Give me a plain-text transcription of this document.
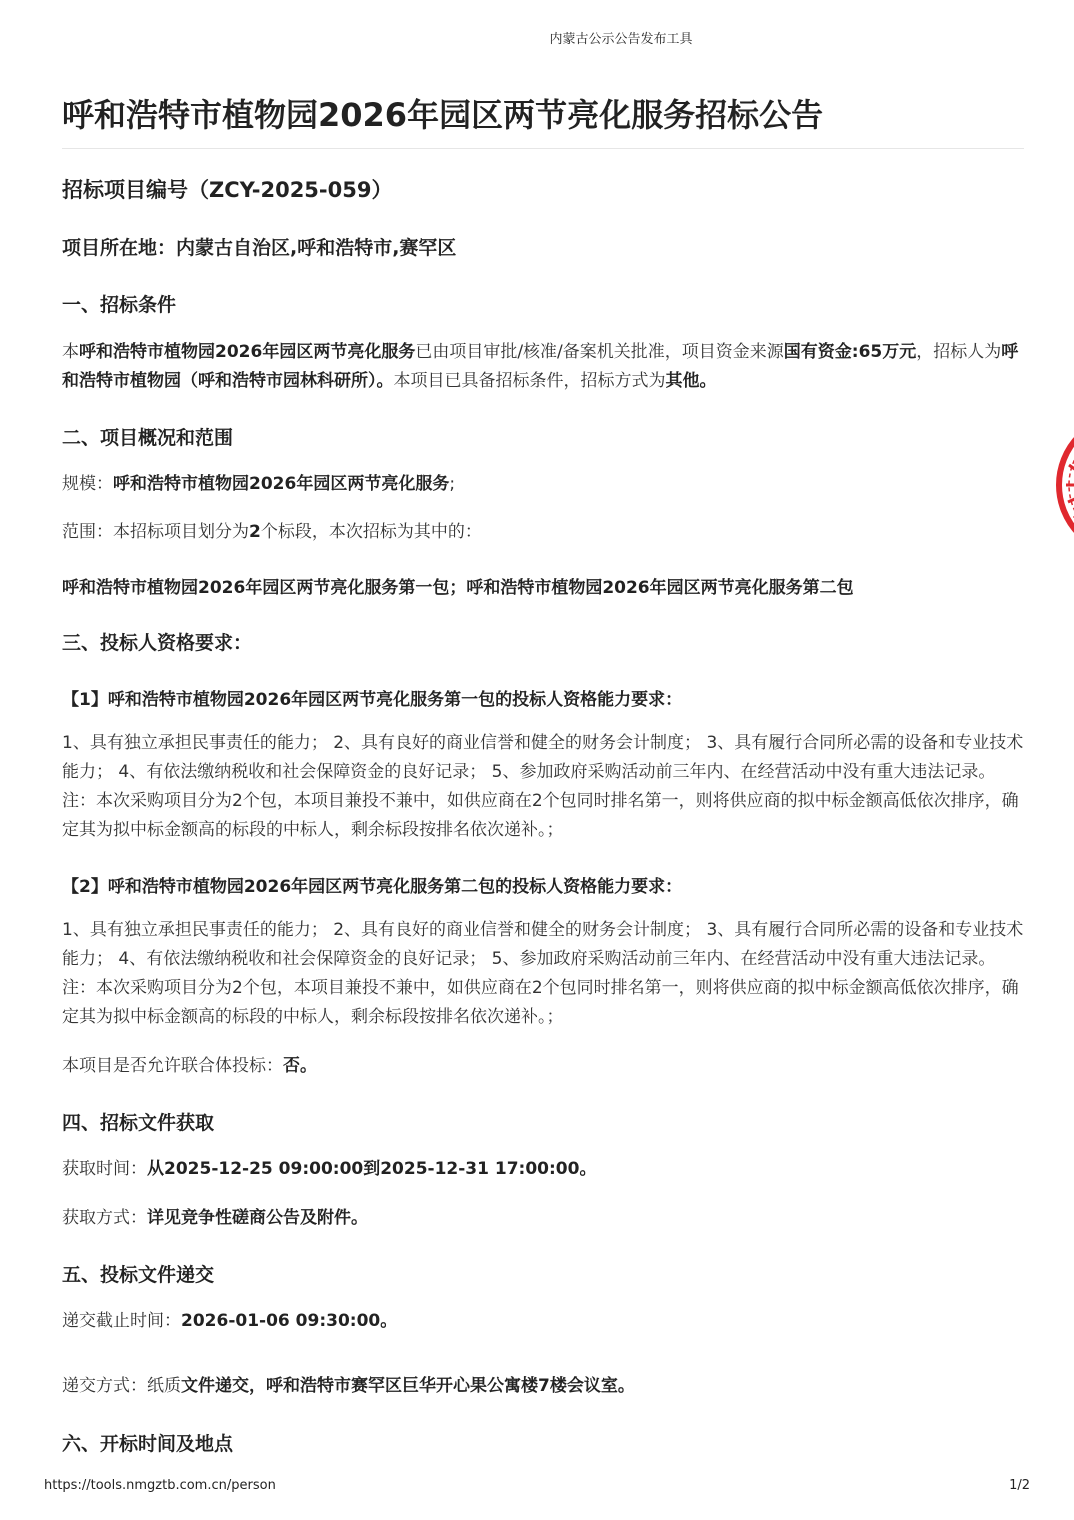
内蒙古公示公告发布工具
呼和浩特市植物园2026年园区两节亮化服务招标公告
招标项目编号（ZCY-2025-059）
项目所在地：内蒙古自治区,呼和浩特市,赛罕区
一、招标条件

本呼和浩特市植物园2026年园区两节亮化服务已由项目审批/核准/备案机关批准，项目资金来源国有资金:65万元，招标人为呼和浩特市植物园（呼和浩特市园林科研所）。本项目已具备招标条件，招标方式为其他。

二、项目概况和范围

规模：呼和浩特市植物园2026年园区两节亮化服务;

范围：本招标项目划分为2个标段，本次招标为其中的：

呼和浩特市植物园2026年园区两节亮化服务第一包；呼和浩特市植物园2026年园区两节亮化服务第二包

三、投标人资格要求：
【1】呼和浩特市植物园2026年园区两节亮化服务第一包的投标人资格能力要求：

1、具有独立承担民事责任的能力； 2、具有良好的商业信誉和健全的财务会计制度； 3、具有履行合同所必需的设备和专业技术能力； 4、有依法缴纳税收和社会保障资金的良好记录； 5、参加政府采购活动前三年内、在经营活动中没有重大违法记录。 注：本次采购项目分为2个包，本项目兼投不兼中，如供应商在2个包同时排名第一，则将供应商的拟中标金额高低依次排序，确定其为拟中标金额高的标段的中标人，剩余标段按排名依次递补。；

【2】呼和浩特市植物园2026年园区两节亮化服务第二包的投标人资格能力要求：

1、具有独立承担民事责任的能力； 2、具有良好的商业信誉和健全的财务会计制度； 3、具有履行合同所必需的设备和专业技术能力； 4、有依法缴纳税收和社会保障资金的良好记录； 5、参加政府采购活动前三年内、在经营活动中没有重大违法记录。 注：本次采购项目分为2个包，本项目兼投不兼中，如供应商在2个包同时排名第一，则将供应商的拟中标金额高低依次排序，确定其为拟中标金额高的标段的中标人，剩余标段按排名依次递补。；

本项目是否允许联合体投标：否。

四、招标文件获取

获取时间：从2025-12-25 09:00:00到2025-12-31 17:00:00。

获取方式：详见竞争性磋商公告及附件。

五、投标文件递交

递交截止时间：2026-01-06 09:30:00。

递交方式：纸质文件递交，呼和浩特市赛罕区巨华开心果公寓楼7楼会议室。

六、开标时间及地点
https://tools.nmgztb.com.cn/person	1/2
